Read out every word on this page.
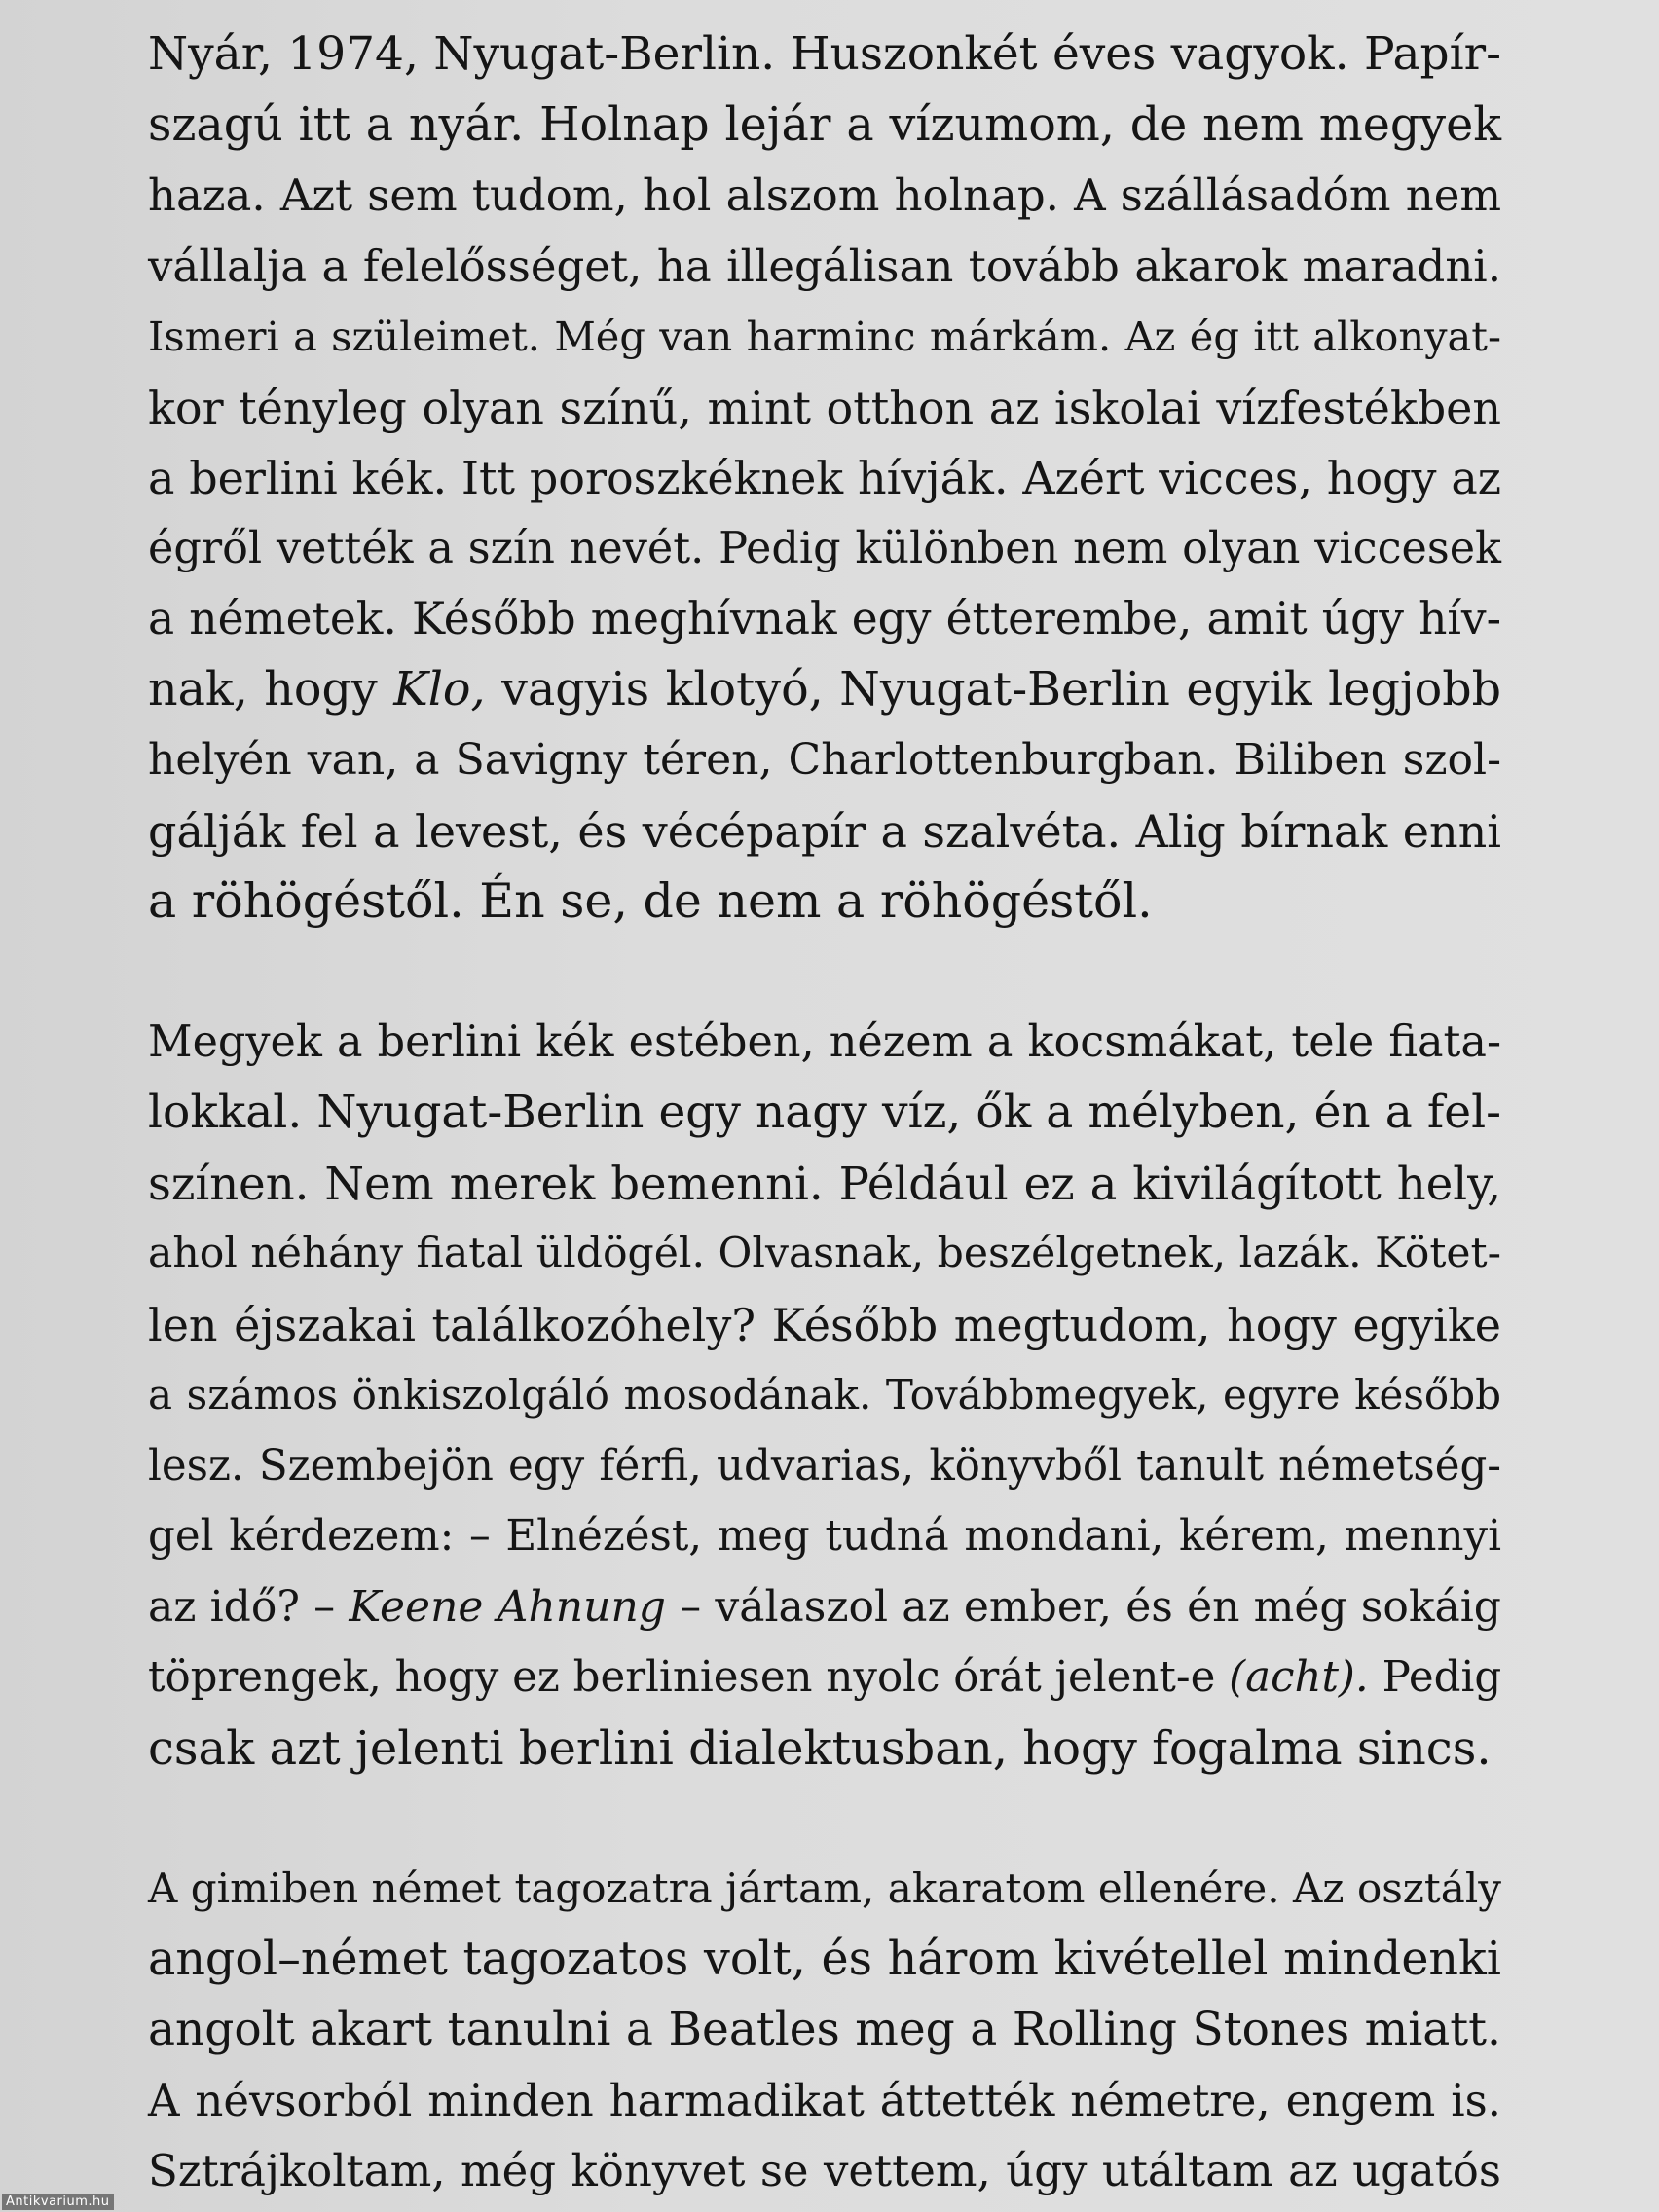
Nyár, 1974, Nyugat-Berlin. Huszonkét éves vagyok. Papír-
szagú itt a nyár. Holnap lejár a vízumom, de nem megyek
haza. Azt sem tudom, hol alszom holnap. A szállásadóm nem
vállalja a felelősséget, ha illegálisan tovább akarok maradni.
Ismeri a szüleimet. Még van harminc márkám. Az ég itt alkonyat-
kor tényleg olyan színű, mint otthon az iskolai vízfestékben
a berlini kék. Itt poroszkéknek hívják. Azért vicces, hogy az
égről vették a szín nevét. Pedig különben nem olyan viccesek
a németek. Később meghívnak egy étterembe, amit úgy hív-
nak, hogy Klo, vagyis klotyó, Nyugat-Berlin egyik legjobb
helyén van, a Savigny téren, Charlottenburgban. Biliben szol-
gálják fel a levest, és vécépapír a szalvéta. Alig bírnak enni
a röhögéstől. Én se, de nem a röhögéstől.

Megyek a berlini kék estében, nézem a kocsmákat, tele fiata-
lokkal. Nyugat-Berlin egy nagy víz, ők a mélyben, én a fel-
színen. Nem merek bemenni. Például ez a kivilágított hely,
ahol néhány fiatal üldögél. Olvasnak, beszélgetnek, lazák. Kötet-
len éjszakai találkozóhely? Később megtudom, hogy egyike
a számos önkiszolgáló mosodának. Továbbmegyek, egyre később
lesz. Szembejön egy férfi, udvarias, könyvből tanult németség-
gel kérdezem: – Elnézést, meg tudná mondani, kérem, mennyi
az idő? – Keene Ahnung – válaszol az ember, és én még sokáig
töprengek, hogy ez berliniesen nyolc órát jelent-e (acht). Pedig
csak azt jelenti berlini dialektusban, hogy fogalma sincs.

A gimiben német tagozatra jártam, akaratom ellenére. Az osztály
angol–német tagozatos volt, és három kivétellel mindenki
angolt akart tanulni a Beatles meg a Rolling Stones miatt.
A névsorból minden harmadikat áttették németre, engem is.
Sztrájkoltam, még könyvet se vettem, úgy utáltam az ugatós

Antikvarium.hu
